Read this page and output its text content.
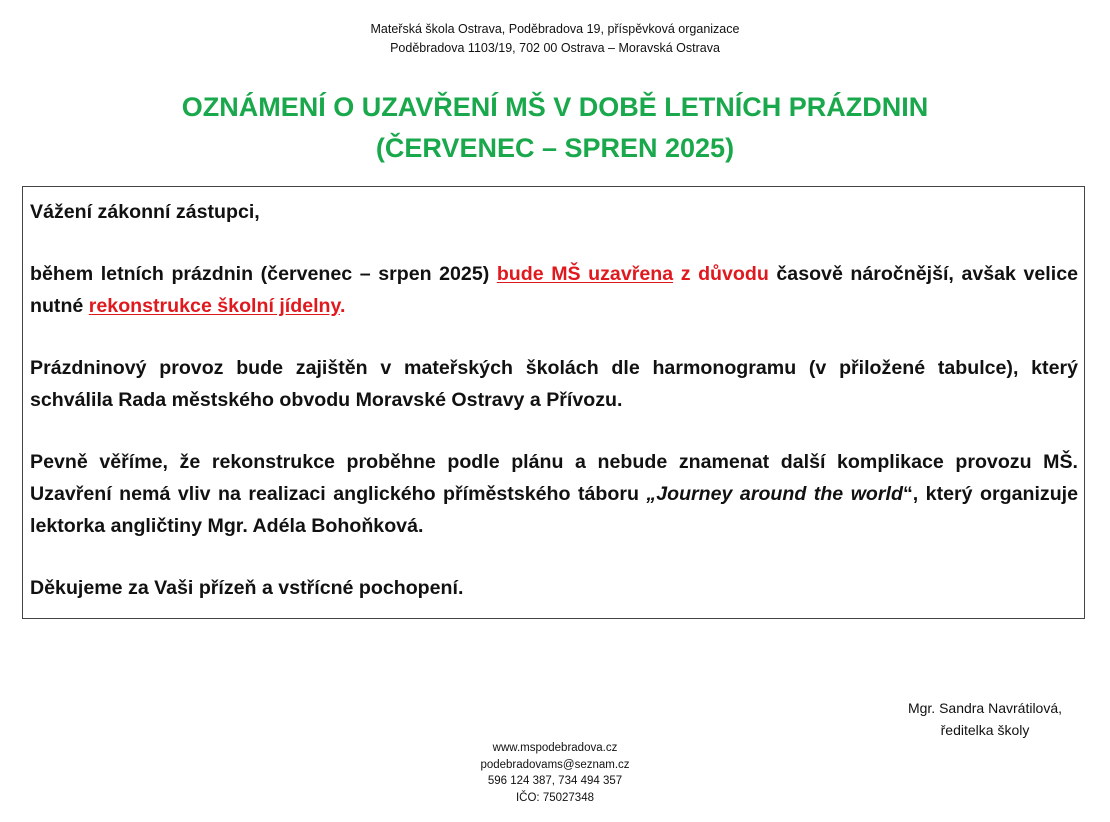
Mateřská škola Ostrava, Poděbradova 19, příspěvková organizace
Poděbradova 1103/19, 702 00 Ostrava – Moravská Ostrava
OZNÁMENÍ O UZAVŘENÍ MŠ V DOBĚ LETNÍCH PRÁZDNIN
(ČERVENEC – SPREN 2025)

Vážení zákonní zástupci,

během letních prázdnin (červenec – srpen 2025) bude MŠ uzavřena z důvodu časově náročnější, avšak velice nutné rekonstrukce školní jídelny.

Prázdninový provoz bude zajištěn v mateřských školách dle harmonogramu (v přiložené tabulce), který schválila Rada městského obvodu Moravské Ostravy a Přívozu.

Pevně věříme, že rekonstrukce proběhne podle plánu a nebude znamenat další komplikace provozu MŠ. Uzavření nemá vliv na realizaci anglického příměstského táboru „Journey around the world“, který organizuje lektorka angličtiny Mgr. Adéla Bohoňková.

Děkujeme za Vaši přízeň a vstřícné pochopení.

Mgr. Sandra Navrátilová,
ředitelka školy
www.mspodebradova.cz
podebradovams@seznam.cz
596 124 387, 734 494 357
IČO: 75027348
